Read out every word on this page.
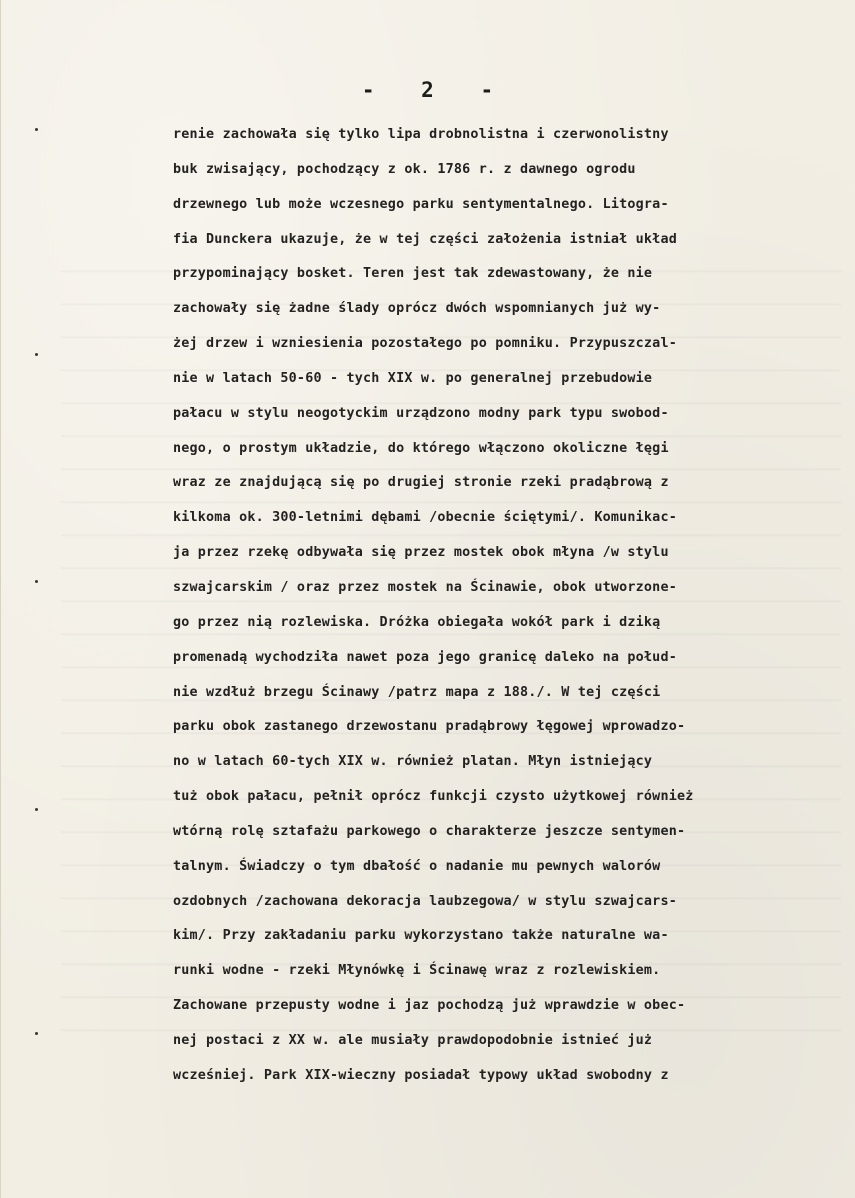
- 2 -
renie zachowała się tylko lipa drobnolistna i czerwonolistny
buk zwisający, pochodzący z ok. 1786 r. z dawnego ogrodu
drzewnego lub może wczesnego parku sentymentalnego. Litogra-
fia Dunckera ukazuje, że w tej części założenia istniał układ
przypominający bosket. Teren jest tak zdewastowany, że nie
zachowały się żadne ślady oprócz dwóch wspomnianych już wy-
żej drzew i wzniesienia pozostałego po pomniku. Przypuszczal-
nie w latach 50-60 - tych XIX w. po generalnej przebudowie
pałacu w stylu neogotyckim urządzono modny park typu swobod-
nego, o prostym układzie, do którego włączono okoliczne łęgi
wraz ze znajdującą się po drugiej stronie rzeki pradąbrową z
kilkoma ok. 300-letnimi dębami /obecnie ściętymi/. Komunikac-
ja przez rzekę odbywała się przez mostek obok młyna /w stylu
szwajcarskim / oraz przez mostek na Ścinawie, obok utworzone-
go przez nią rozlewiska. Dróżka obiegała wokół park i dziką
promenadą wychodziła nawet poza jego granicę daleko na połud-
nie wzdłuż brzegu Ścinawy /patrz mapa z 188./. W tej części
parku obok zastanego drzewostanu pradąbrowy łęgowej wprowadzo-
no w latach 60-tych XIX w. również platan. Młyn istniejący
tuż obok pałacu, pełnił oprócz funkcji czysto użytkowej również
wtórną rolę sztafażu parkowego o charakterze jeszcze sentymen-
talnym. Świadczy o tym dbałość o nadanie mu pewnych walorów
ozdobnych /zachowana dekoracja laubzegowa/ w stylu szwajcars-
kim/. Przy zakładaniu parku wykorzystano także naturalne wa-
runki wodne - rzeki Młynówkę i Ścinawę wraz z rozlewiskiem.
Zachowane przepusty wodne i jaz pochodzą już wprawdzie w obec-
nej postaci z XX w. ale musiały prawdopodobnie istnieć już
wcześniej. Park XIX-wieczny posiadał typowy układ swobodny z
